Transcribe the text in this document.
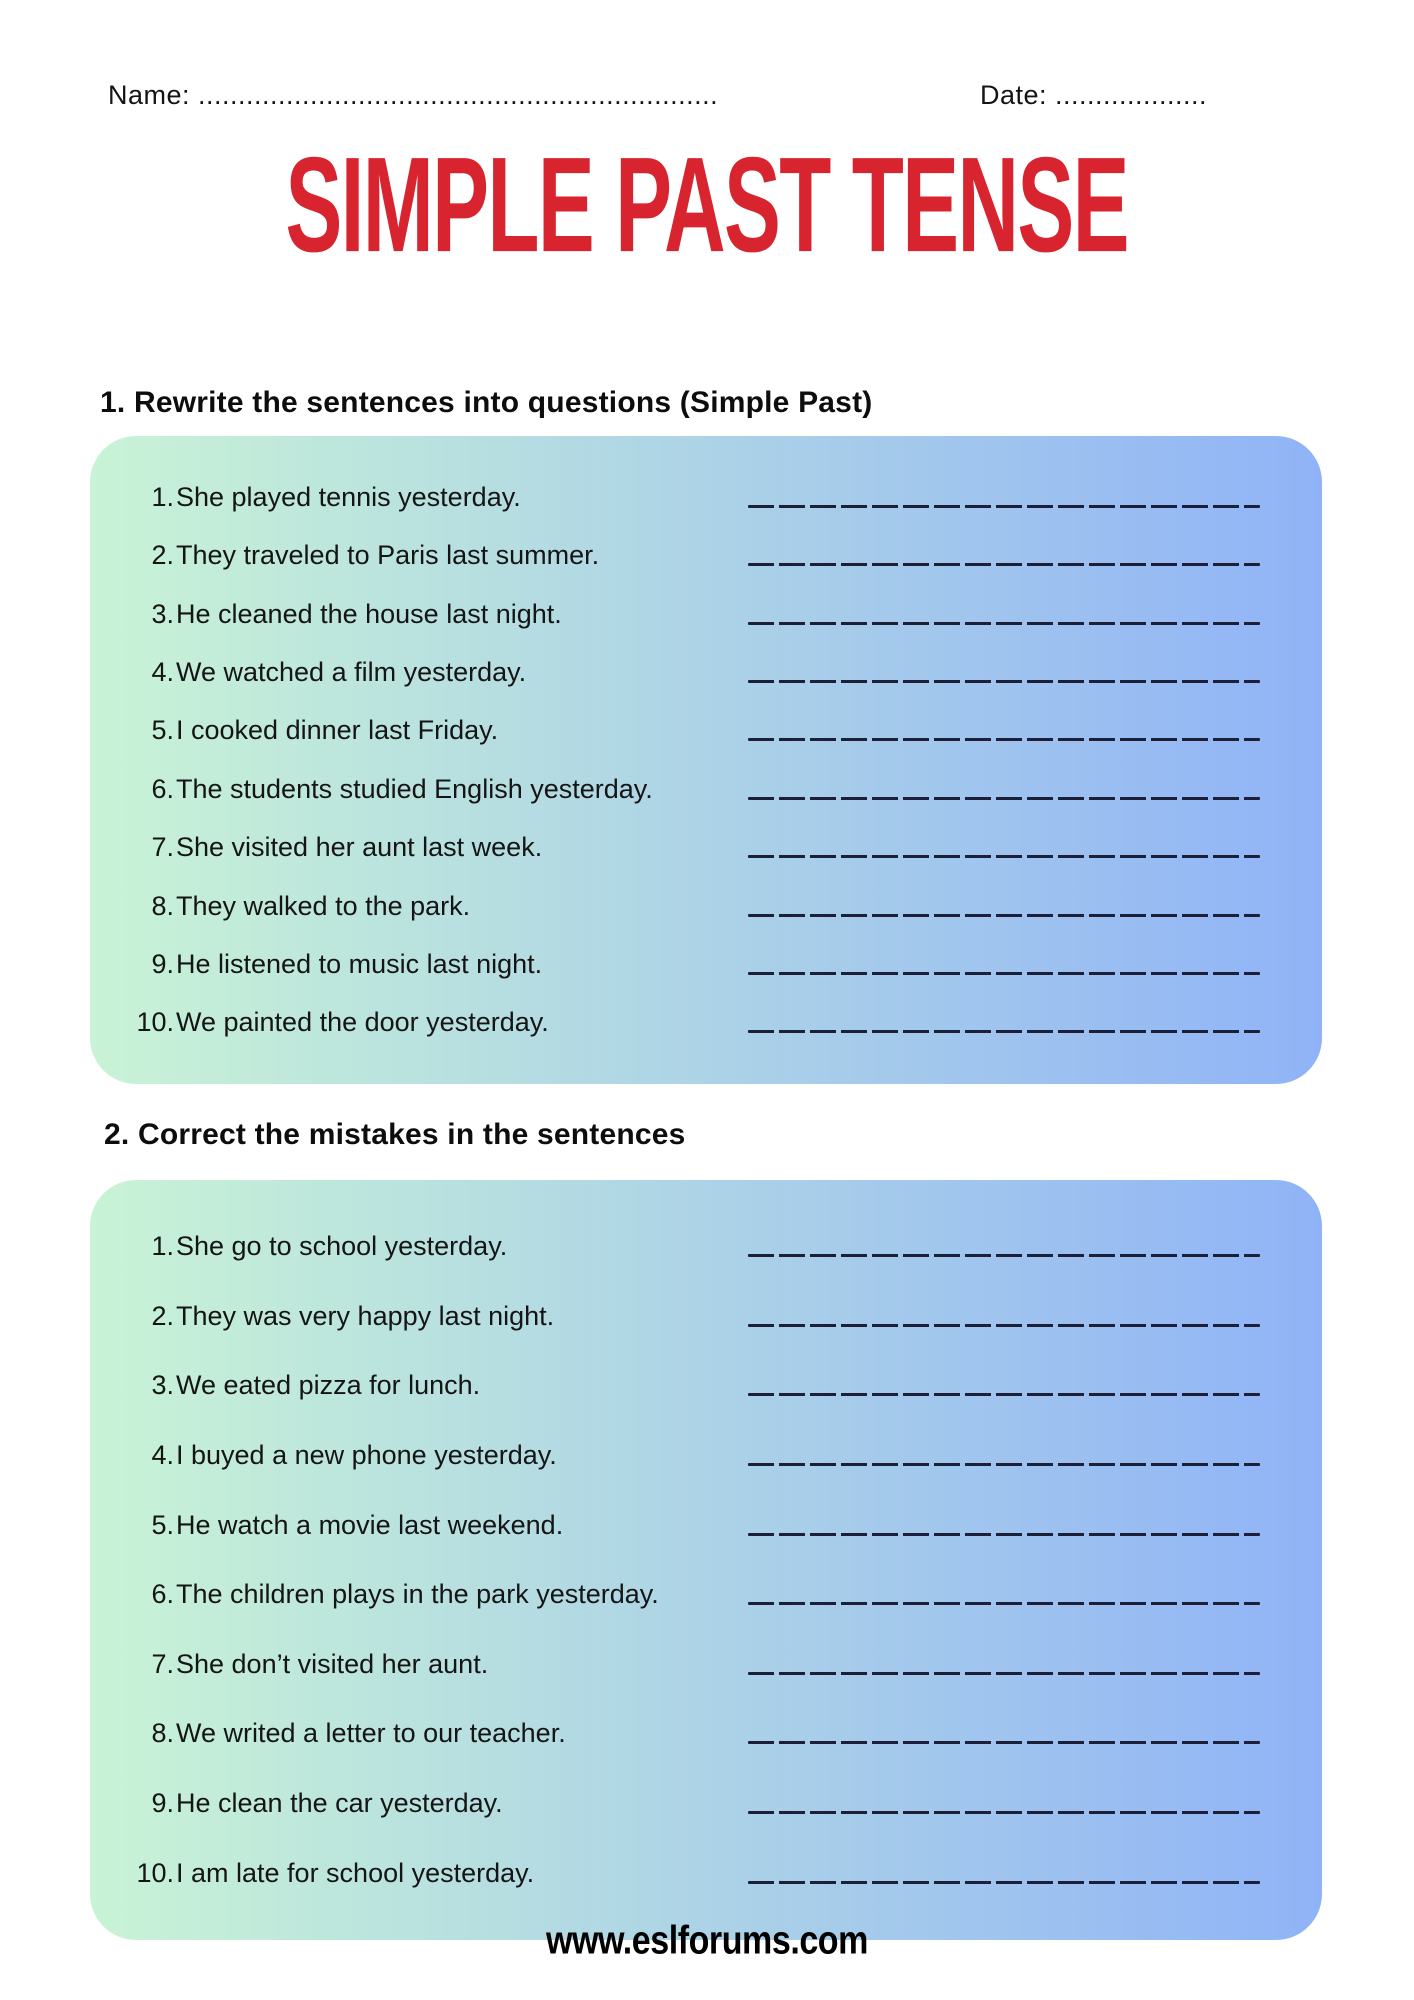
Name: .................................................................	Date: ...................
SIMPLE PAST TENSE
1. Rewrite the sentences into questions (Simple Past)
1. She played tennis yesterday.
2. They traveled to Paris last summer.
3. He cleaned the house last night.
4. We watched a film yesterday.
5. I cooked dinner last Friday.
6. The students studied English yesterday.
7. She visited her aunt last week.
8. They walked to the park.
9. He listened to music last night.
10. We painted the door yesterday.
2. Correct the mistakes in the sentences
1. She go to school yesterday.
2. They was very happy last night.
3. We eated pizza for lunch.
4. I buyed a new phone yesterday.
5. He watch a movie last weekend.
6. The children plays in the park yesterday.
7. She don’t visited her aunt.
8. We writed a letter to our teacher.
9. He clean the car yesterday.
10. I am late for school yesterday.
www.eslforums.com
